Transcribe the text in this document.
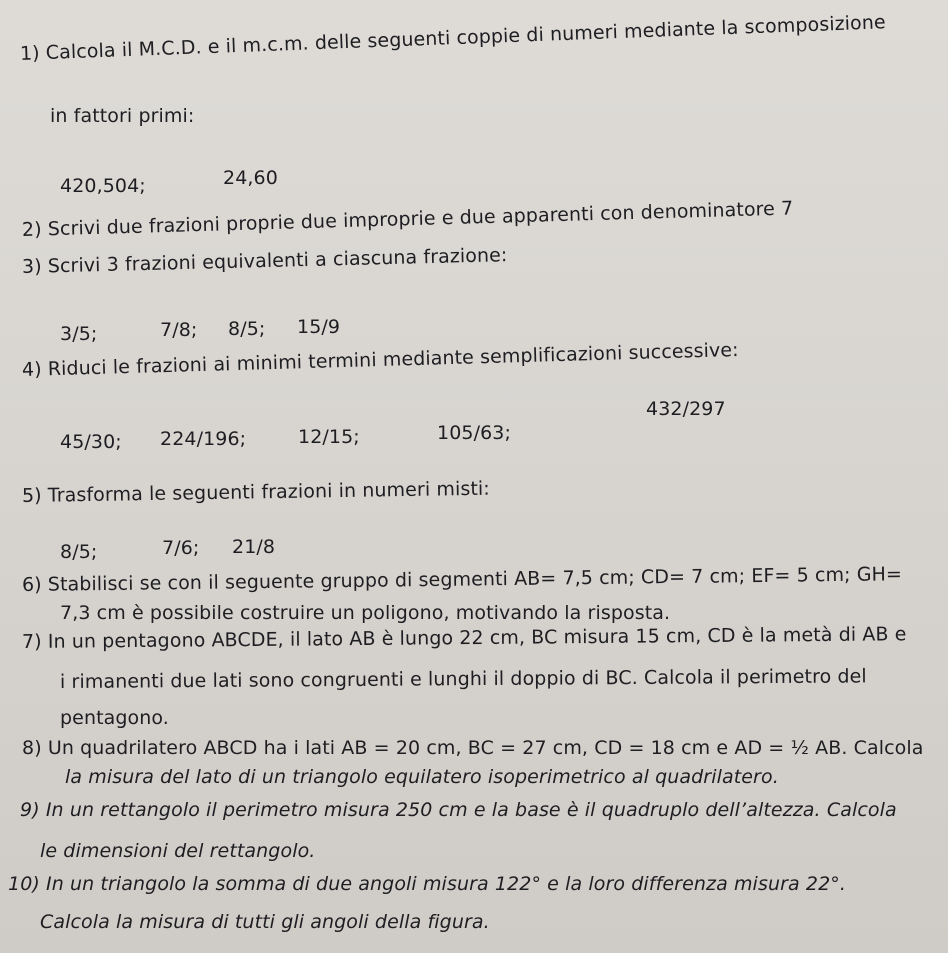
1) Calcola il M.C.D. e il m.c.m. delle seguenti coppie di numeri mediante la scomposizione
in fattori primi:
420,504;	24,60
2) Scrivi due frazioni proprie due improprie e due apparenti con denominatore 7
3) Scrivi 3 frazioni equivalenti a ciascuna frazione:
3/5;	7/8; 8/5; 15/9
4) Riduci le frazioni ai minimi termini mediante semplificazioni successive:
45/30; 224/196;	12/15;	105/63;
432/297
5) Trasforma le seguenti frazioni in numeri misti:
8/5;	7/6; 21/8
6) Stabilisci se con il seguente gruppo di segmenti AB= 7,5 cm; CD= 7 cm; EF= 5 cm; GH=
7,3 cm è possibile costruire un poligono, motivando la risposta.
7) In un pentagono ABCDE, il lato AB è lungo 22 cm, BC misura 15 cm, CD è la metà di AB e
i rimanenti due lati sono congruenti e lunghi il doppio di BC. Calcola il perimetro del
pentagono.
8) Un quadrilatero ABCD ha i lati AB = 20 cm, BC = 27 cm, CD = 18 cm e AD = ½ AB. Calcola
la misura del lato di un triangolo equilatero isoperimetrico al quadrilatero.
9) In un rettangolo il perimetro misura 250 cm e la base è il quadruplo dell’altezza. Calcola
le dimensioni del rettangolo.
10) In un triangolo la somma di due angoli misura 122° e la loro differenza misura 22°.
Calcola la misura di tutti gli angoli della figura.
